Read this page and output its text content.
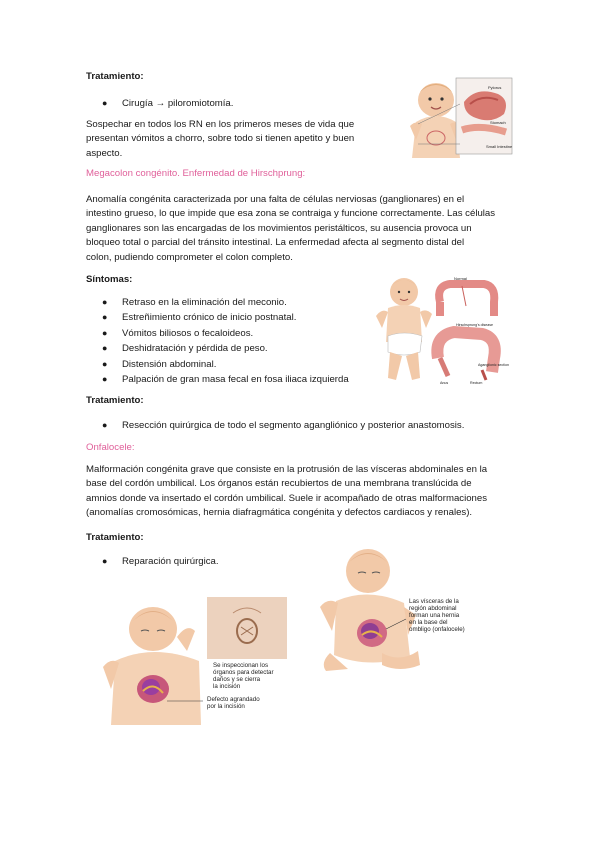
Tratamiento:
● Cirugía → piloromiotomía.
Sospechar en todos los RN en los primeros meses de vida que
presentan vómitos a chorro, sobre todo si tienen apetito y buen
aspecto.
Pylorus
Stomach
Small Intestine
Megacolon congénito. Enfermedad de Hirschprung:
Anomalía congénita caracterizada por una falta de células nerviosas (ganglionares) en el
intestino grueso, lo que impide que esa zona se contraiga y funcione correctamente. Las células
ganglionares son las encargadas de los movimientos peristálticos, su ausencia provoca un
bloqueo total o parcial del tránsito intestinal. La enfermedad afecta al segmento distal del
colon, pudiendo comprometer el colon completo.
Síntomas:
● Retraso en la eliminación del meconio.
● Estreñimiento crónico de inicio postnatal.
● Vómitos biliosos o fecaloideos.
● Deshidratación y pérdida de peso.
● Distensión abdominal.
● Palpación de gran masa fecal en fosa iliaca izquierda
Normal
Hirschsprung's disease
Aganglionic section
Anus	Rectum
Tratamiento:
● Resección quirúrgica de todo el segmento agangliónico y posterior anastomosis.
Onfalocele:
Malformación congénita grave que consiste en la protrusión de las vísceras abdominales en la
base del cordón umbilical. Los órganos están recubiertos de una membrana translúcida de
amnios donde va insertado el cordón umbilical. Suele ir acompañado de otras malformaciones
(anomalías cromosómicas, hernia diafragmática congénita y defectos cardiacos y renales).
Tratamiento:
● Reparación quirúrgica.
Se inspeccionan los órganos para detectar daños y se cierra la incisión
Defecto agrandado por la incisión
Las vísceras de la región abdominal forman una hernia en la base del ombligo (onfalocele)
